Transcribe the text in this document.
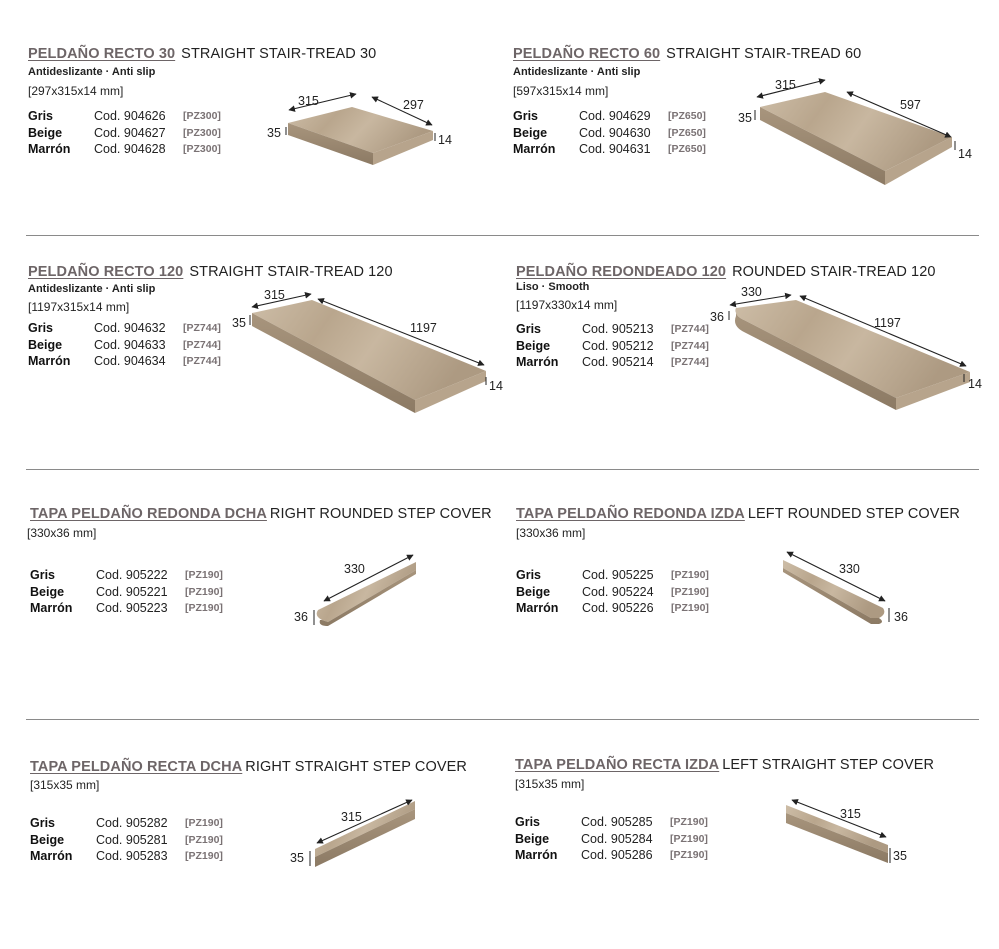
PELDAÑO RECTO 30 STRAIGHT STAIR-TREAD 30
Antideslizante · Anti slip
[297x315x14 mm]
Gris	Cod. 904626 [PZ300]
Beige	Cod. 904627 [PZ300]
Marrón Cod. 904628 [PZ300]
315	297
35	14
PELDAÑO RECTO 60 STRAIGHT STAIR-TREAD 60
Antideslizante · Anti slip
[597x315x14 mm]
Gris	Cod. 904629 [PZ650]
Beige	Cod. 904630 [PZ650]
Marrón Cod. 904631 [PZ650]
315
597
35
14
PELDAÑO RECTO 120 STRAIGHT STAIR-TREAD 120
Antideslizante · Anti slip
[1197x315x14 mm]
Gris	Cod. 904632 [PZ744]
Beige	Cod. 904633 [PZ744]
Marrón Cod. 904634 [PZ744]
315
1197
35
14
PELDAÑO REDONDEADO 120 ROUNDED STAIR-TREAD 120
Liso · Smooth
[1197x330x14 mm]
Gris	Cod. 905213 [PZ744]
Beige	Cod. 905212 [PZ744]
Marrón Cod. 905214 [PZ744]
330
1197
36
14
TAPA PELDAÑO REDONDA DCHA RIGHT ROUNDED STEP COVER
[330x36 mm]
Gris	Cod. 905222 [PZ190]
Beige	Cod. 905221 [PZ190]
Marrón Cod. 905223 [PZ190]
330
36
TAPA PELDAÑO REDONDA IZDA LEFT ROUNDED STEP COVER
[330x36 mm]
Gris	Cod. 905225 [PZ190]
Beige	Cod. 905224 [PZ190]
Marrón Cod. 905226 [PZ190]
330
36
TAPA PELDAÑO RECTA DCHA RIGHT STRAIGHT STEP COVER
[315x35 mm]
Gris	Cod. 905282 [PZ190]
Beige	Cod. 905281 [PZ190]
Marrón Cod. 905283 [PZ190]
315
35
TAPA PELDAÑO RECTA IZDA LEFT STRAIGHT STEP COVER
[315x35 mm]
Gris	Cod. 905285 [PZ190]
Beige	Cod. 905284 [PZ190]
Marrón Cod. 905286 [PZ190]
315
35
